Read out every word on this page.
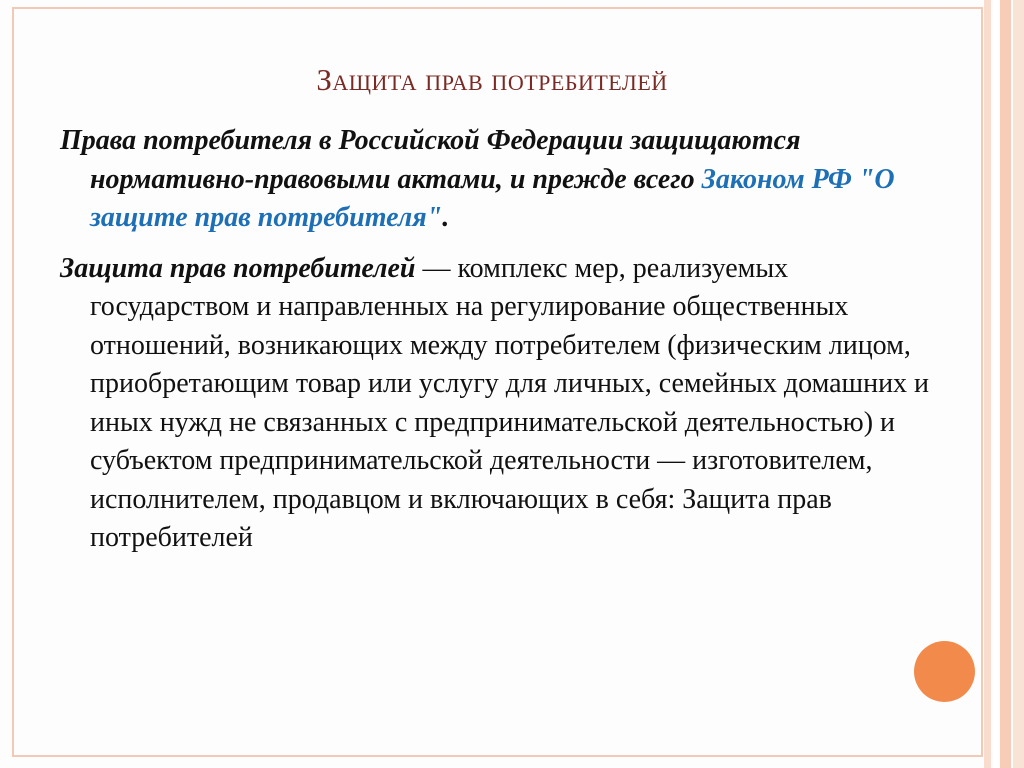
Защита прав потребителей

Права потребителя в Российской Федерации защищаются нормативно-правовыми актами, и прежде всего Законом РФ "О защите прав потребителя".

Защита прав потребителей — комплекс мер, реализуемых государством и направленных на регулирование общественных отношений, возникающих между потребителем (физическим лицом, приобретающим товар или услугу для личных, семейных домашних и иных нужд не связанных с предпринимательской деятельностью) и субъектом предпринимательской деятельности — изготовителем, исполнителем, продавцом и включающих в себя: Защита прав потребителей
